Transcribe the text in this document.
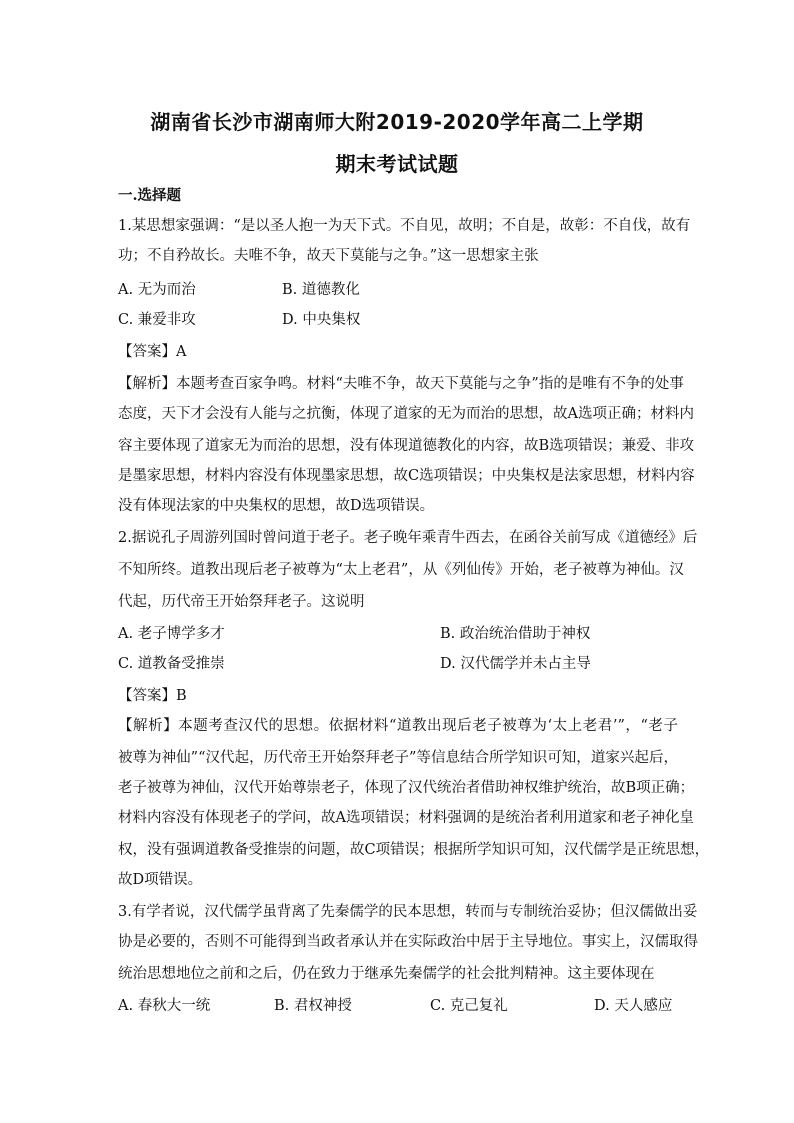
湖南省长沙市湖南师大附2019-2020学年高二上学期
期末考试试题
一.选择题
1.某思想家强调：“是以圣人抱一为天下式。不自见，故明；不自是，故彰：不自伐，故有
功；不自矜故长。夫唯不争，故天下莫能与之争。”这一思想家主张
A. 无为而治	B. 道德教化
C. 兼爱非攻	D. 中央集权
【答案】A
【解析】本题考查百家争鸣。材料“夫唯不争，故天下莫能与之争”指的是唯有不争的处事
态度，天下才会没有人能与之抗衡，体现了道家的无为而治的思想，故A选项正确；材料内
容主要体现了道家无为而治的思想，没有体现道德教化的内容，故B选项错误；兼爱、非攻
是墨家思想，材料内容没有体现墨家思想，故C选项错误；中央集权是法家思想，材料内容
没有体现法家的中央集权的思想，故D选项错误。
2.据说孔子周游列国时曾问道于老子。老子晚年乘青牛西去，在函谷关前写成《道德经》后
不知所终。道教出现后老子被尊为“太上老君”，从《列仙传》开始，老子被尊为神仙。汉
代起，历代帝王开始祭拜老子。这说明
A. 老子博学多才	B. 政治统治借助于神权
C. 道教备受推崇	D. 汉代儒学并未占主导
【答案】B
【解析】本题考查汉代的思想。依据材料“道教出现后老子被尊为‘太上老君’”，“老子
被尊为神仙”“汉代起，历代帝王开始祭拜老子”等信息结合所学知识可知，道家兴起后，
老子被尊为神仙，汉代开始尊崇老子，体现了汉代统治者借助神权维护统治，故B项正确；
材料内容没有体现老子的学问，故A选项错误；材料强调的是统治者利用道家和老子神化皇
权，没有强调道教备受推崇的问题，故C项错误；根据所学知识可知，汉代儒学是正统思想，
故D项错误。
3.有学者说，汉代儒学虽背离了先秦儒学的民本思想，转而与专制统治妥协；但汉儒做出妥
协是必要的，否则不可能得到当政者承认并在实际政治中居于主导地位。事实上，汉儒取得
统治思想地位之前和之后，仍在致力于继承先秦儒学的社会批判精神。这主要体现在
A. 春秋大一统	B. 君权神授	C. 克己复礼	D. 天人感应
